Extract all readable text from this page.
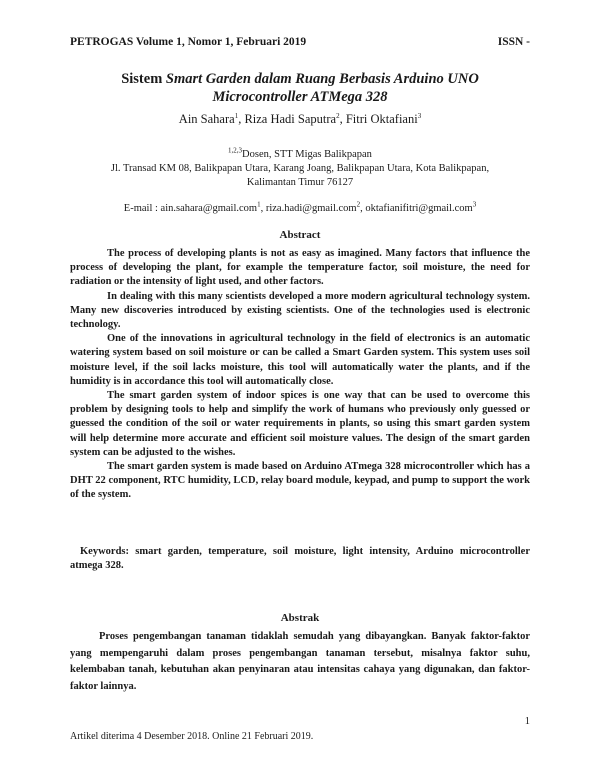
PETROGAS Volume 1, Nomor 1, Februari 2019	ISSN -
Sistem Smart Garden dalam Ruang Berbasis Arduino UNO
Microcontroller ATMega 328
Ain Sahara$^1$, Riza Hadi Saputra$^2$, Fitri Oktafiani$^3$
$^{1,2,3}$Dosen, STT Migas Balikpapan
Jl. Transad KM 08, Balikpapan Utara, Karang Joang, Balikpapan Utara, Kota Balikpapan,
Kalimantan Timur 76127
E-mail : ain.sahara@gmail.com$^1$, riza.hadi@gmail.com$^2$, oktafianifitri@gmail.com$^3$
Abstract

The process of developing plants is not as easy as imagined. Many factors that influence the process of developing the plant, for example the temperature factor, soil moisture, the need for radiation or the intensity of light used, and other factors.

In dealing with this many scientists developed a more modern agricultural technology system. Many new discoveries introduced by existing scientists. One of the technologies used is electronic technology.

One of the innovations in agricultural technology in the field of electronics is an automatic watering system based on soil moisture or can be called a Smart Garden system. This system uses soil moisture level, if the soil lacks moisture, this tool will automatically water the plants, and if the humidity is in accordance this tool will automatically close.

The smart garden system of indoor spices is one way that can be used to overcome this problem by designing tools to help and simplify the work of humans who previously only guessed or guessed the condition of the soil or water requirements in plants, so using this smart garden system will help determine more accurate and efficient soil moisture values. The design of the smart garden system can be adjusted to the wishes.

The smart garden system is made based on Arduino ATmega 328 microcontroller which has a DHT 22 component, RTC humidity, LCD, relay board module, keypad, and pump to support the work of the system.

Keywords: smart garden, temperature, soil moisture, light intensity, Arduino microcontroller atmega 328.
Abstrak

Proses pengembangan tanaman tidaklah semudah yang dibayangkan. Banyak faktor-faktor yang mempengaruhi dalam proses pengembangan tanaman tersebut, misalnya faktor suhu, kelembaban tanah, kebutuhan akan penyinaran atau intensitas cahaya yang digunakan, dan faktor-faktor lainnya.

1
Artikel diterima 4 Desember 2018. Online 21 Februari 2019.
